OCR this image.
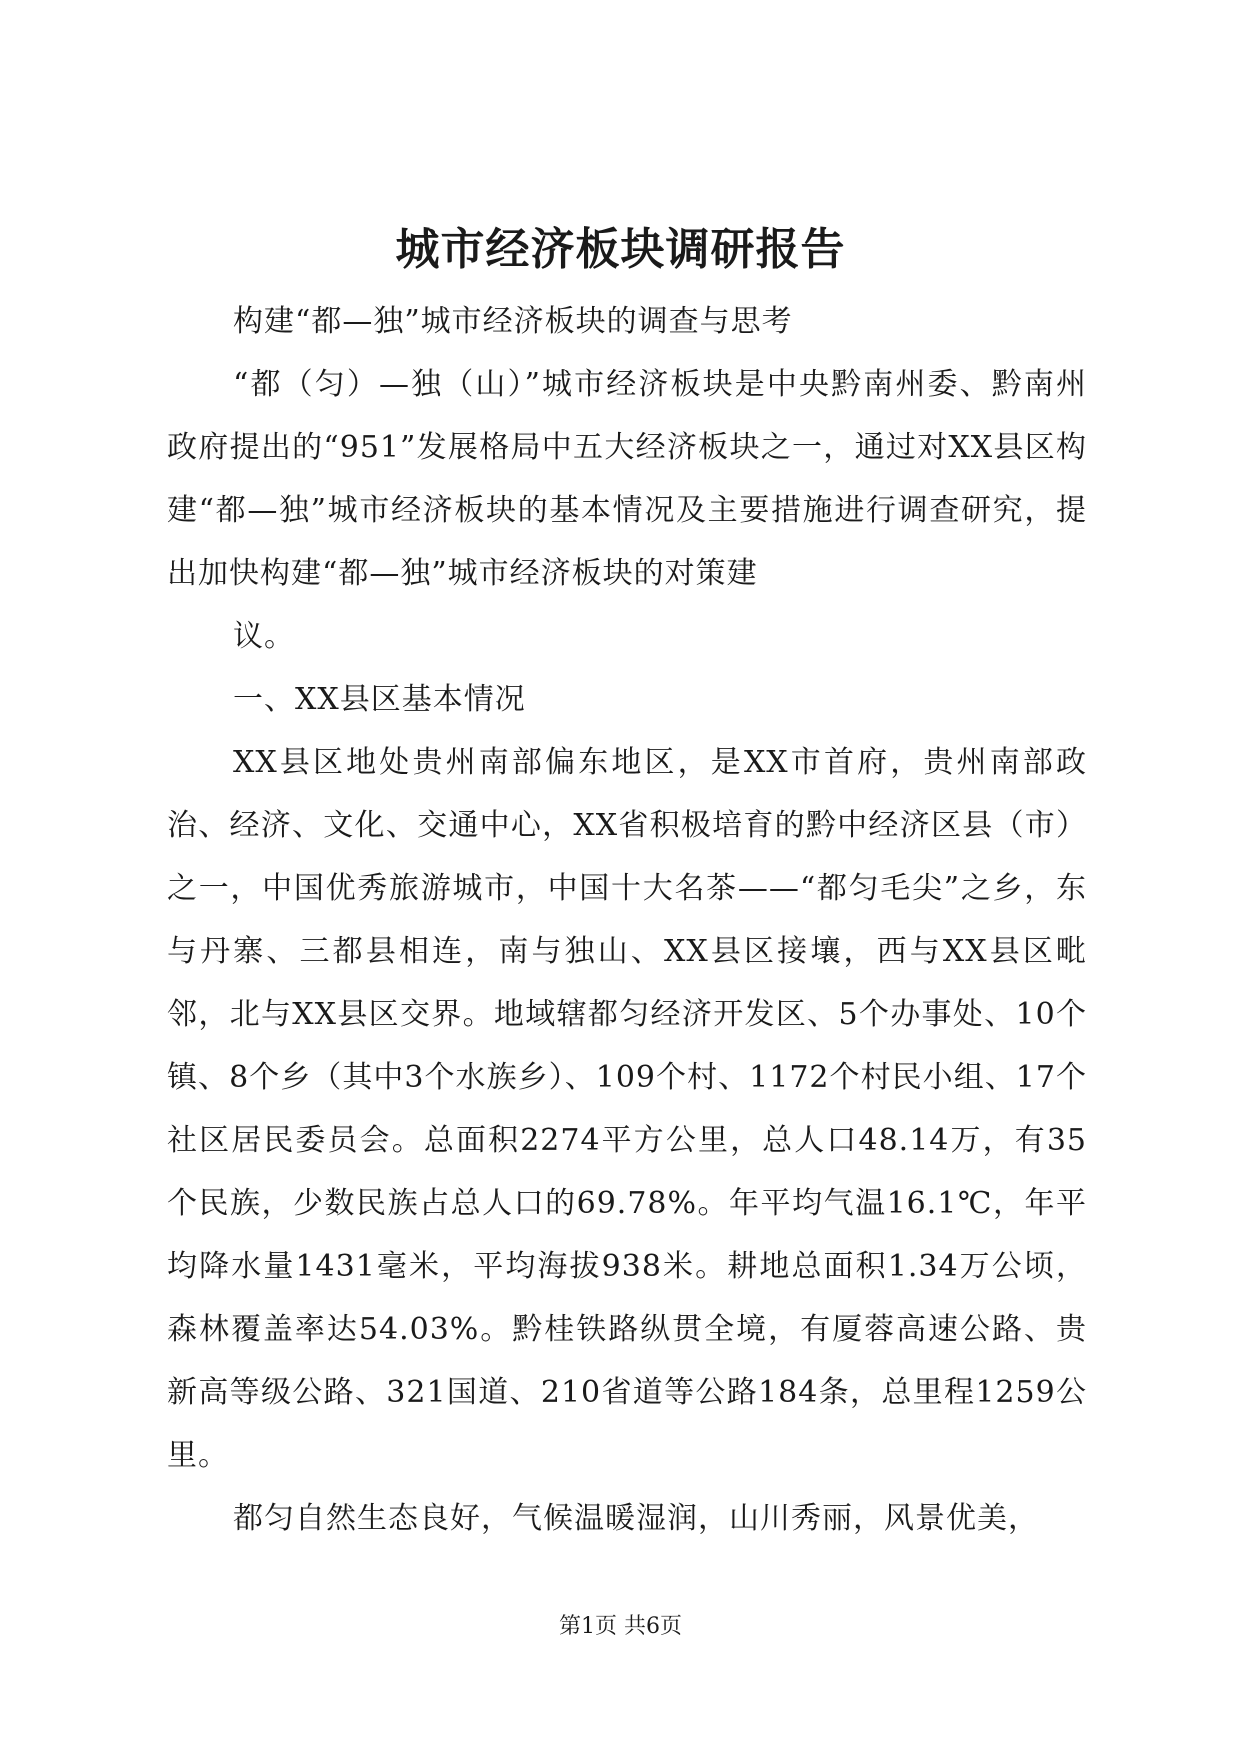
城市经济板块调研报告

构建“都—独”城市经济板块的调查与思考

“都（匀）—独（山）”城市经济板块是中央黔南州委、黔南州政府提出的“951”发展格局中五大经济板块之一，通过对XX县区构建“都—独”城市经济板块的基本情况及主要措施进行调查研究，提出加快构建“都—独”城市经济板块的对策建

议。

一、XX县区基本情况

XX县区地处贵州南部偏东地区，是XX市首府，贵州南部政治、经济、文化、交通中心，XX省积极培育的黔中经济区县（市）之一，中国优秀旅游城市，中国十大名茶——“都匀毛尖”之乡，东与丹寨、三都县相连，南与独山、XX县区接壤，西与XX县区毗邻，北与XX县区交界。地域辖都匀经济开发区、5个办事处、10个镇、8个乡（其中3个水族乡）、109个村、1172个村民小组、17个社区居民委员会。总面积2274平方公里，总人口48.14万，有35个民族，少数民族占总人口的69.78%。年平均气温16.1℃，年平均降水量1431毫米，平均海拔938米。耕地总面积1.34万公顷，森林覆盖率达54.03%。黔桂铁路纵贯全境，有厦蓉高速公路、贵新高等级公路、321国道、210省道等公路184条，总里程1259公里。

都匀自然生态良好，气候温暖湿润，山川秀丽，风景优美，

第1页 共6页
